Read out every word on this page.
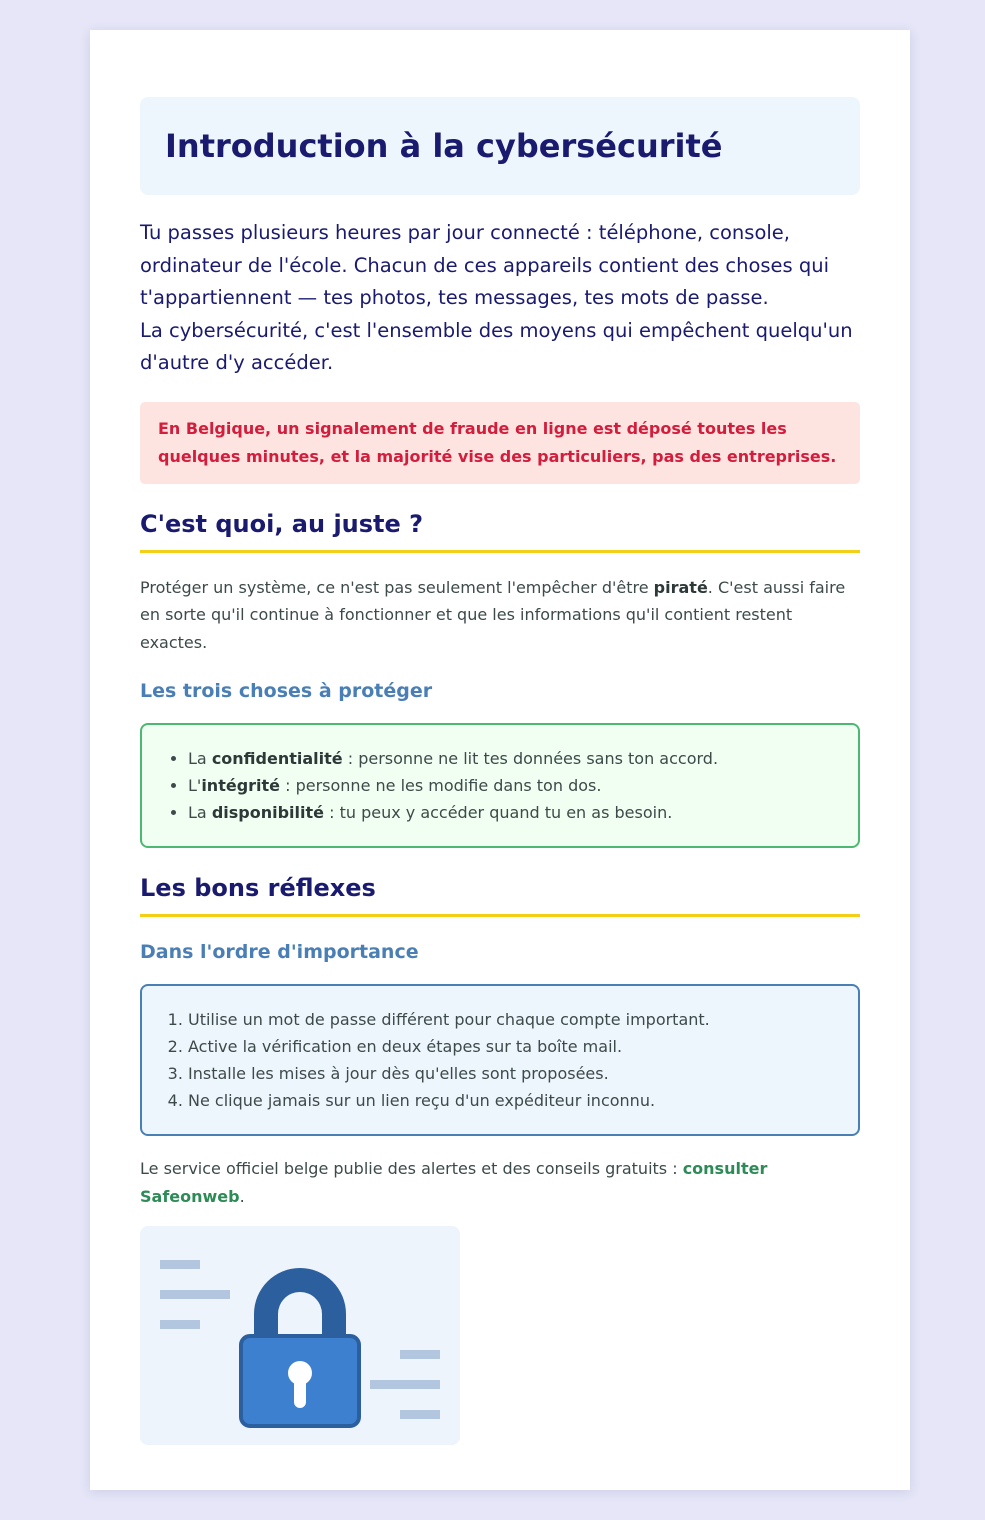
Introduction à la cybersécurité

Tu passes plusieurs heures par jour connecté : téléphone, console, ordinateur de l'école. Chacun de ces appareils contient des choses qui t'appartiennent — tes photos, tes messages, tes mots de passe.
La cybersécurité, c'est l'ensemble des moyens qui empêchent quelqu'un d'autre d'y accéder.

En Belgique, un signalement de fraude en ligne est déposé toutes les quelques minutes, et la majorité vise des particuliers, pas des entreprises.
C'est quoi, au juste ?

Protéger un système, ce n'est pas seulement l'empêcher d'être piraté. C'est aussi faire en sorte qu'il continue à fonctionner et que les informations qu'il contient restent exactes.

Les trois choses à protéger
• La confidentialité : personne ne lit tes données sans ton accord.
• L'intégrité : personne ne les modifie dans ton dos.
• La disponibilité : tu peux y accéder quand tu en as besoin.
Les bons réflexes
Dans l'ordre d'importance
1. Utilise un mot de passe différent pour chaque compte important.
2. Active la vérification en deux étapes sur ta boîte mail.
3. Installe les mises à jour dès qu'elles sont proposées.
4. Ne clique jamais sur un lien reçu d'un expéditeur inconnu.

Le service officiel belge publie des alertes et des conseils gratuits : consulter Safeonweb.
